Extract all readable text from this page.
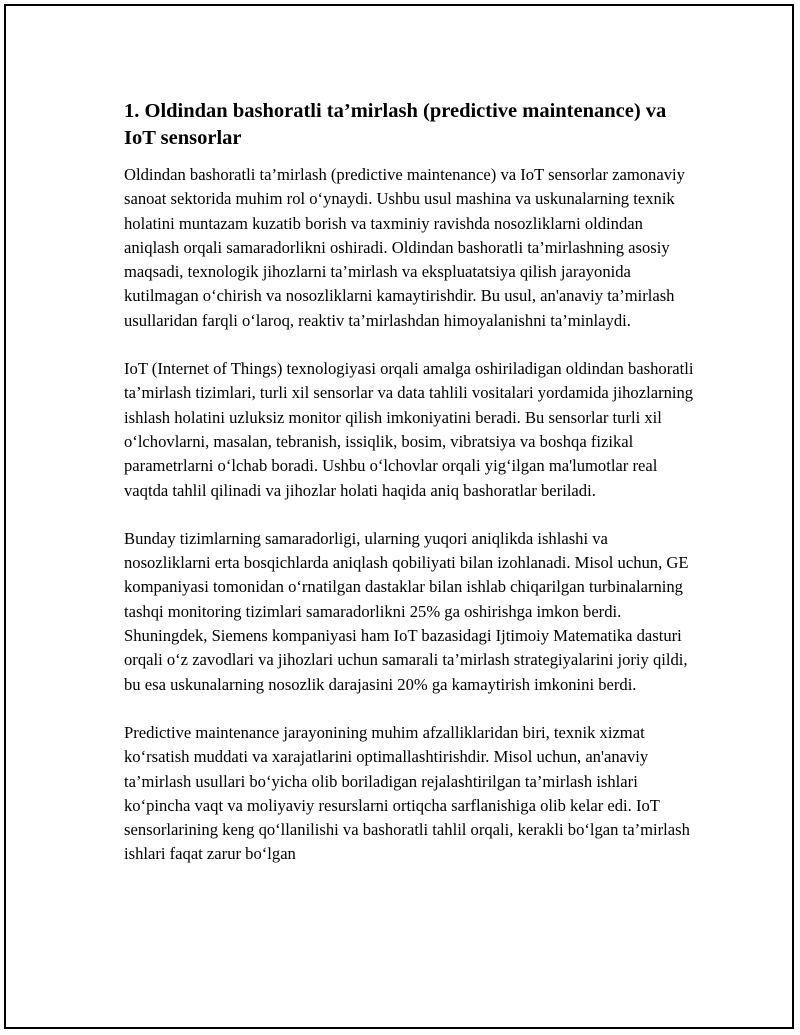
1. Oldindan bashoratli ta’mirlash (predictive maintenance) va IoT sensorlar

Oldindan bashoratli ta’mirlash (predictive maintenance) va IoT sensorlar zamonaviy sanoat sektorida muhim rol o‘ynaydi. Ushbu usul mashina va uskunalarning texnik holatini muntazam kuzatib borish va taxminiy ravishda nosozliklarni oldindan aniqlash orqali samaradorlikni oshiradi. Oldindan bashoratli ta’mirlashning asosiy maqsadi, texnologik jihozlarni ta’mirlash va ekspluatatsiya qilish jarayonida kutilmagan o‘chirish va nosozliklarni kamaytirishdir. Bu usul, an'anaviy ta’mirlash usullaridan farqli o‘laroq, reaktiv ta’mirlashdan himoyalanishni ta’minlaydi.

IoT (Internet of Things) texnologiyasi orqali amalga oshiriladigan oldindan bashoratli ta’mirlash tizimlari, turli xil sensorlar va data tahlili vositalari yordamida jihozlarning ishlash holatini uzluksiz monitor qilish imkoniyatini beradi. Bu sensorlar turli xil o‘lchovlarni, masalan, tebranish, issiqlik, bosim, vibratsiya va boshqa fizikal parametrlarni o‘lchab boradi. Ushbu o‘lchovlar orqali yig‘ilgan ma'lumotlar real vaqtda tahlil qilinadi va jihozlar holati haqida aniq bashoratlar beriladi.

Bunday tizimlarning samaradorligi, ularning yuqori aniqlikda ishlashi va nosozliklarni erta bosqichlarda aniqlash qobiliyati bilan izohlanadi. Misol uchun, GE kompaniyasi tomonidan o‘rnatilgan dastaklar bilan ishlab chiqarilgan turbinalarning tashqi monitoring tizimlari samaradorlikni 25% ga oshirishga imkon berdi. Shuningdek, Siemens kompaniyasi ham IoT bazasidagi Ijtimoiy Matematika dasturi orqali o‘z zavodlari va jihozlari uchun samarali ta’mirlash strategiyalarini joriy qildi, bu esa uskunalarning nosozlik darajasini 20% ga kamaytirish imkonini berdi.

Predictive maintenance jarayonining muhim afzalliklaridan biri, texnik xizmat ko‘rsatish muddati va xarajatlarini optimallashtirishdir. Misol uchun, an'anaviy ta’mirlash usullari bo‘yicha olib boriladigan rejalashtirilgan ta’mirlash ishlari ko‘pincha vaqt va moliyaviy resurslarni ortiqcha sarflanishiga olib kelar edi. IoT sensorlarining keng qo‘llanilishi va bashoratli tahlil orqali, kerakli bo‘lgan ta’mirlash ishlari faqat zarur bo‘lgan
